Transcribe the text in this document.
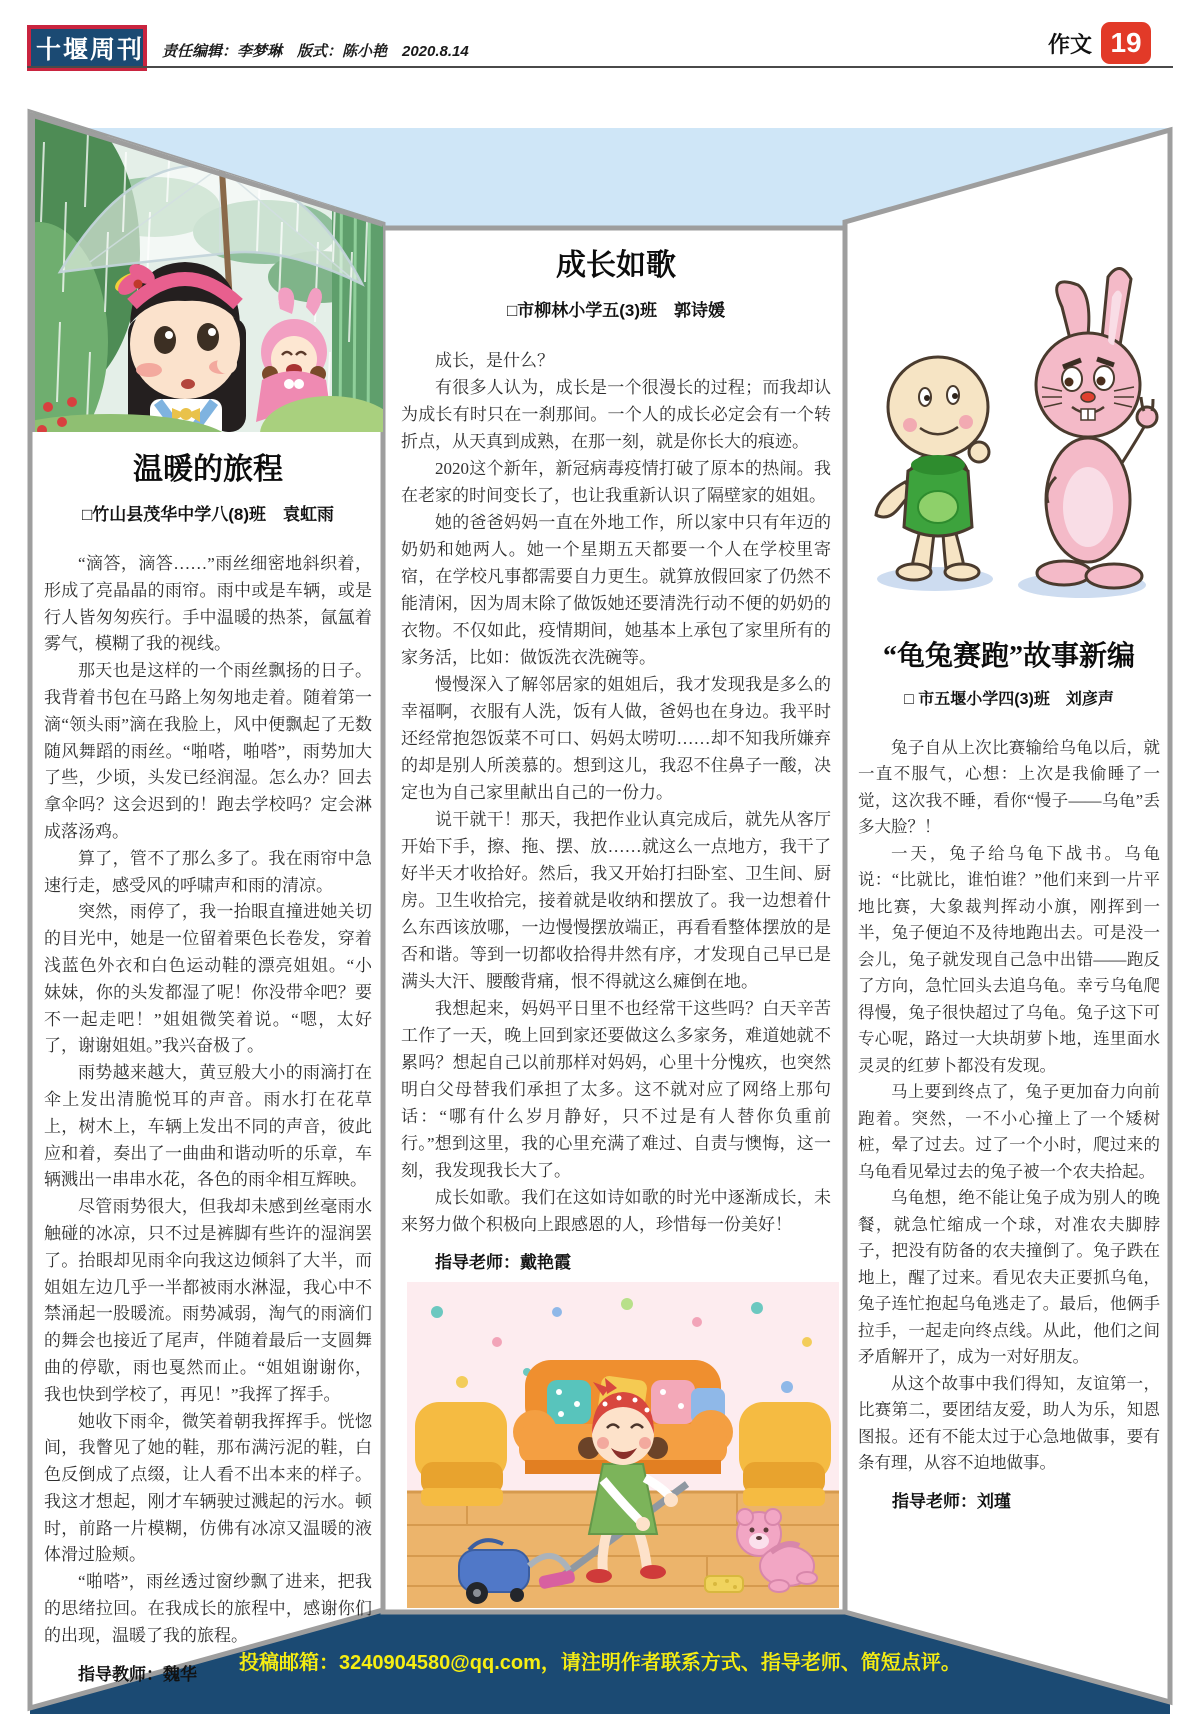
十堰周刊 责任编辑：李梦琳　版式：陈小艳　2020.8.14	作文 19
温暖的旅程
□竹山县茂华中学八(8)班　袁虹雨

“滴答，滴答……”雨丝细密地斜织着，形成了亮晶晶的雨帘。雨中或是车辆，或是行人皆匆匆疾行。手中温暖的热茶，氤氲着雾气，模糊了我的视线。

那天也是这样的一个雨丝飘扬的日子。我背着书包在马路上匆匆地走着。随着第一滴“领头雨”滴在我脸上，风中便飘起了无数随风舞蹈的雨丝。“啪嗒，啪嗒”，雨势加大了些，少顷，头发已经润湿。怎么办？回去拿伞吗？这会迟到的！跑去学校吗？定会淋成落汤鸡。

算了，管不了那么多了。我在雨帘中急速行走，感受风的呼啸声和雨的清凉。

突然，雨停了，我一抬眼直撞进她关切的目光中，她是一位留着栗色长卷发，穿着浅蓝色外衣和白色运动鞋的漂亮姐姐。“小妹妹，你的头发都湿了呢！你没带伞吧？要不一起走吧！”姐姐微笑着说。“嗯，太好了，谢谢姐姐。”我兴奋极了。

雨势越来越大，黄豆般大小的雨滴打在伞上发出清脆悦耳的声音。雨水打在花草上，树木上，车辆上发出不同的声音，彼此应和着，奏出了一曲曲和谐动听的乐章，车辆溅出一串串水花，各色的雨伞相互辉映。

尽管雨势很大，但我却未感到丝毫雨水触碰的冰凉，只不过是裤脚有些许的湿润罢了。抬眼却见雨伞向我这边倾斜了大半，而姐姐左边几乎一半都被雨水淋湿，我心中不禁涌起一股暖流。雨势减弱，淘气的雨滴们的舞会也接近了尾声，伴随着最后一支圆舞曲的停歇，雨也戛然而止。“姐姐谢谢你，我也快到学校了，再见！”我挥了挥手。

她收下雨伞，微笑着朝我挥挥手。恍惚间，我瞥见了她的鞋，那布满污泥的鞋，白色反倒成了点缀，让人看不出本来的样子。我这才想起，刚才车辆驶过溅起的污水。顿时，前路一片模糊，仿佛有冰凉又温暖的液体滑过脸颊。

“啪嗒”，雨丝透过窗纱飘了进来，把我的思绪拉回。在我成长的旅程中，感谢你们的出现，温暖了我的旅程。

指导教师：魏华
成长如歌
□市柳林小学五(3)班　郭诗媛

成长，是什么？

有很多人认为，成长是一个很漫长的过程；而我却认为成长有时只在一刹那间。一个人的成长必定会有一个转折点，从天真到成熟，在那一刻，就是你长大的痕迹。

2020这个新年，新冠病毒疫情打破了原本的热闹。我在老家的时间变长了，也让我重新认识了隔壁家的姐姐。

她的爸爸妈妈一直在外地工作，所以家中只有年迈的奶奶和她两人。她一个星期五天都要一个人在学校里寄宿，在学校凡事都需要自力更生。就算放假回家了仍然不能清闲，因为周末除了做饭她还要清洗行动不便的奶奶的衣物。不仅如此，疫情期间，她基本上承包了家里所有的家务活，比如：做饭洗衣洗碗等。

慢慢深入了解邻居家的姐姐后，我才发现我是多么的幸福啊，衣服有人洗，饭有人做，爸妈也在身边。我平时还经常抱怨饭菜不可口、妈妈太唠叨……却不知我所嫌弃的却是别人所羡慕的。想到这儿，我忍不住鼻子一酸，决定也为自己家里献出自己的一份力。

说干就干！那天，我把作业认真完成后，就先从客厅开始下手，擦、拖、摆、放……就这么一点地方，我干了好半天才收拾好。然后，我又开始打扫卧室、卫生间、厨房。卫生收拾完，接着就是收纳和摆放了。我一边想着什么东西该放哪，一边慢慢摆放端正，再看看整体摆放的是否和谐。等到一切都收拾得井然有序，才发现自己早已是满头大汗、腰酸背痛，恨不得就这么瘫倒在地。

我想起来，妈妈平日里不也经常干这些吗？白天辛苦工作了一天，晚上回到家还要做这么多家务，难道她就不累吗？想起自己以前那样对妈妈，心里十分愧疚，也突然明白父母替我们承担了太多。这不就对应了网络上那句话：“哪有什么岁月静好，只不过是有人替你负重前行。”想到这里，我的心里充满了难过、自责与懊悔，这一刻，我发现我长大了。

成长如歌。我们在这如诗如歌的时光中逐渐成长，未来努力做个积极向上跟感恩的人，珍惜每一份美好！

指导老师：戴艳霞
“龟兔赛跑”故事新编
□ 市五堰小学四(3)班　刘彦声

兔子自从上次比赛输给乌龟以后，就一直不服气，心想：上次是我偷睡了一觉，这次我不睡，看你“慢子——乌龟”丢多大脸？！

一天，兔子给乌龟下战书。乌龟说：“比就比，谁怕谁？”他们来到一片平地比赛，大象裁判挥动小旗，刚挥到一半，兔子便迫不及待地跑出去。可是没一会儿，兔子就发现自己急中出错——跑反了方向，急忙回头去追乌龟。幸亏乌龟爬得慢，兔子很快超过了乌龟。兔子这下可专心呢，路过一大块胡萝卜地，连里面水灵灵的红萝卜都没有发现。

马上要到终点了，兔子更加奋力向前跑着。突然，一不小心撞上了一个矮树桩，晕了过去。过了一个小时，爬过来的乌龟看见晕过去的兔子被一个农夫拾起。

乌龟想，绝不能让兔子成为别人的晚餐，就急忙缩成一个球，对准农夫脚脖子，把没有防备的农夫撞倒了。兔子跌在地上，醒了过来。看见农夫正要抓乌龟，兔子连忙抱起乌龟逃走了。最后，他俩手拉手，一起走向终点线。从此，他们之间矛盾解开了，成为一对好朋友。

从这个故事中我们得知，友谊第一，比赛第二，要团结友爱，助人为乐，知恩图报。还有不能太过于心急地做事，要有条有理，从容不迫地做事。

指导老师：刘瑾
投稿邮箱：3240904580@qq.com，请注明作者联系方式、指导老师、简短点评。
